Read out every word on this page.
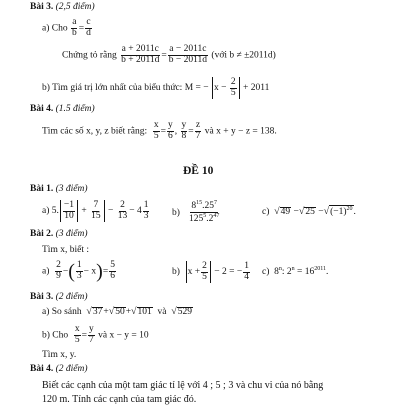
Bài 3. (2,5 điểm)
a) Cho $\frac{a}{b} = \frac{c}{d}$
Chứng tỏ rằng $\frac{a + 2011c}{b + 2011d} = \frac{a - 2011c}{b - 2011d}$ (với b ≠ ±2011d)
b) Tìm giá trị lớn nhất của biểu thức: M = − $x - \frac{2}{5} + 2011$
Bài 4. (1.5 điểm)
Tìm các số x, y, z biết rằng: $\frac{x}{5} = \frac{y}{6}$ , $\frac{y}{8} = \frac{z}{7}$ và x + y − z = 138.
ĐỀ 10
Bài 1. (3 điểm)
a) 5. $\frac{-1}{10} + \frac{7}{15} - \frac{2}{13} - 4 \frac{1}{3} b) \frac{8^{15}.25^7}{125^5.2^{47}}$	c) $√49 -√25 -√(-1)^{20}$.
Bài 2. (3 điểm)
Tìm x, biết :
$a) \frac{2}{9}$ −( $\frac{1}{3} - x)= \frac{5}{6}$	b) $x + \frac{2}{5} - 2$ = − $\frac{1}{4} c$) 8$^n$: $2^n = 16^{2011}$.
Bài 3. (2 điểm)
a) So sánh √37+√50+√101 và √529
b) Cho $\frac{x}{5} = \frac{y}{7}$ và x − y = 10
Tìm x, y.
Bài 4. (2 điểm)
Biết các cạnh của một tam giác tỉ lệ với 4 ; 5 ; 3 và chu vi của nó bằng
120 m. Tính các cạnh của tam giác đó.
